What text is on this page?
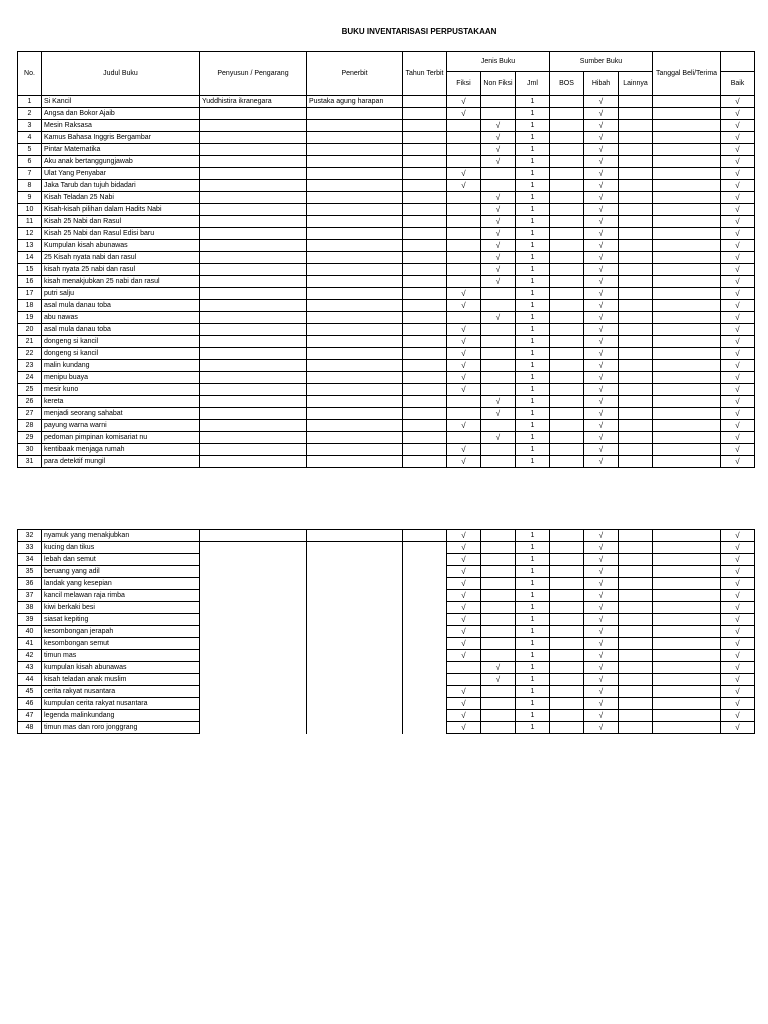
BUKU INVENTARISASI PERPUSTAKAAN
No.	Judul Buku	Penyusun / Pengarang	Penerbit	Tahun Terbit	Jenis Buku			Sumber Buku			Tanggal Beli/Terima	
					Fiksi	Non Fiksi	Jml	BOS	Hibah	Lainnya		Baik
1	Si Kancil	Yuddhistira ikranegara	Pustaka agung harapan		√		1		√			√
2	Angsa dan Bokor Ajaib				√		1		√			√
3	Mesin Raksasa					√	1		√			√
4	Kamus Bahasa Inggris Bergambar					√	1		√			√
5	Pintar Matematika					√	1		√			√
6	Aku anak bertanggungjawab					√	1		√			√
7	Ulat Yang Penyabar				√		1		√			√
8	Jaka Tarub dan tujuh bidadari				√		1		√			√
9	Kisah Teladan 25 Nabi					√	1		√			√
10	Kisah-kisah pilihan dalam Hadits Nabi					√	1		√			√
11	Kisah 25 Nabi dan Rasul					√	1		√			√
12	Kisah 25 Nabi dan Rasul Edisi baru					√	1		√			√
13	Kumpulan kisah abunawas					√	1		√			√
14	25 Kisah nyata nabi dan rasul					√	1		√			√
15	kisah nyata 25 nabi dan rasul					√	1		√			√
16	kisah menakjubkan 25 nabi dan rasul					√	1		√			√
17	putri salju				√		1		√			√
18	asal mula danau toba				√		1		√			√
19	abu nawas					√	1		√			√
20	asal mula danau toba				√		1		√			√
21	dongeng si kancil				√		1		√			√
22	dongeng si kancil				√		1		√			√
23	malin kundang				√		1		√			√
24	menipu buaya				√		1		√			√
25	mesir kuno				√		1		√			√
26	kereta					√	1		√			√
27	menjadi seorang sahabat					√	1		√			√
28	payung warna warni				√		1		√			√
29	pedoman pimpinan komisariat nu					√	1		√			√
30	kentibaak menjaga rumah				√		1		√			√
31	para detektif mungil				√		1		√			√
32	nyamuk yang menakjubkan				√		1		√			√
33	kucing dan tikus				√		1		√			√
34	lebah dan semut				√		1		√			√
35	beruang yang adil				√		1		√			√
36	landak yang kesepian				√		1		√			√
37	kancil melawan raja rimba				√		1		√			√
38	kiwi berkaki besi				√		1		√			√
39	siasat kepiting				√		1		√			√
40	kesombongan jerapah				√		1		√			√
41	kesombongan semut				√		1		√			√
42	timun mas				√		1		√			√
43	kumpulan kisah abunawas					√	1		√			√
44	kisah teladan anak muslim					√	1		√			√
45	cerita rakyat nusantara				√		1		√			√
46	kumpulan cerita rakyat nusantara				√		1		√			√
47	legenda malinkundang				√		1		√			√
48	timun mas dan roro jonggrang				√		1		√			√
